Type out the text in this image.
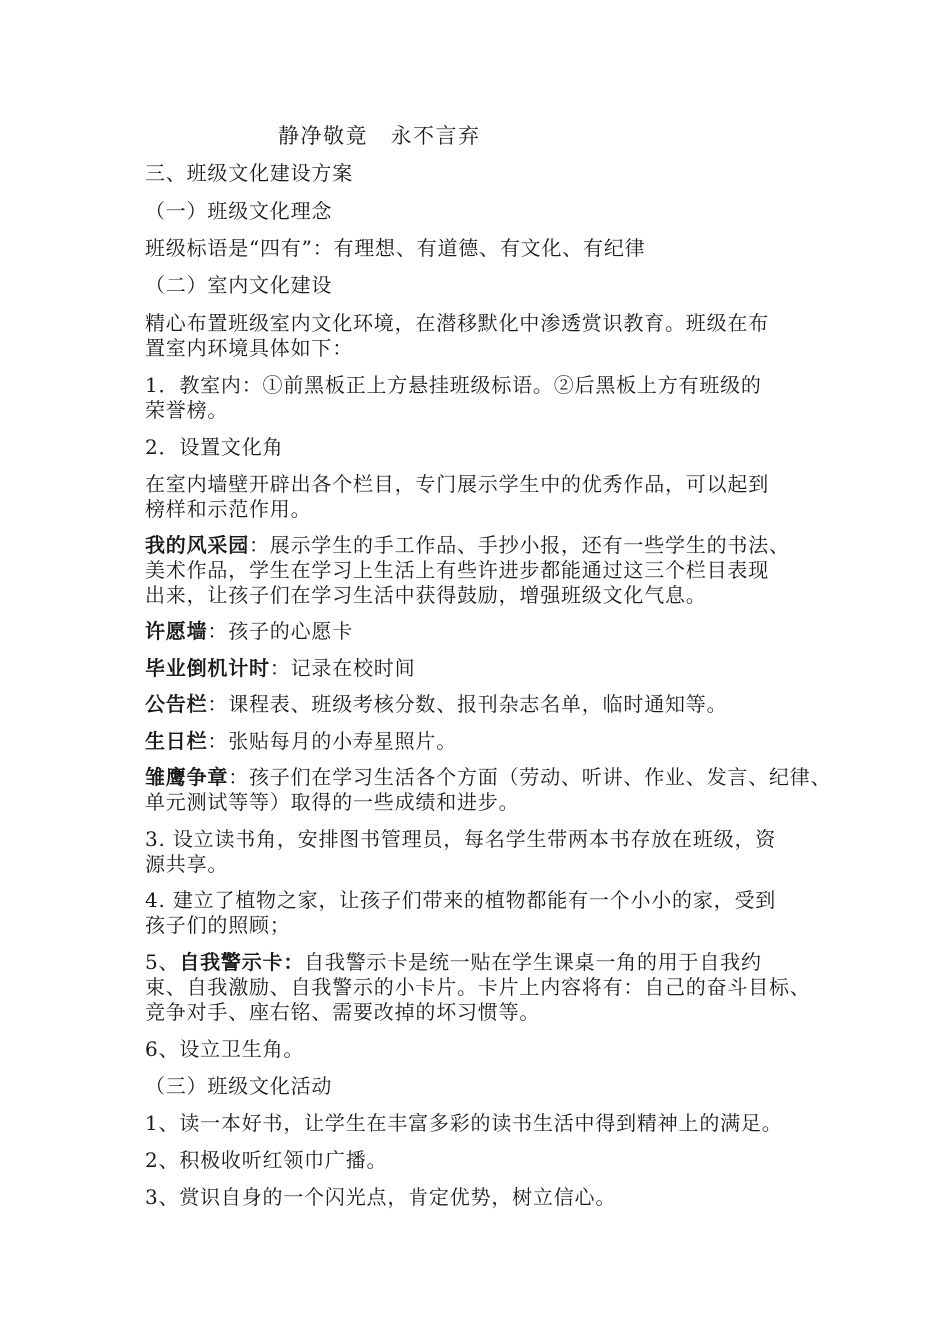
静净敬竟　永不言弃
三、班级文化建设方案
（一）班级文化理念
班级标语是“四有”：有理想、有道德、有文化、有纪律
（二）室内文化建设
精心布置班级室内文化环境，在潜移默化中渗透赏识教育。班级在布
置室内环境具体如下：
1．教室内：①前黑板正上方悬挂班级标语。②后黑板上方有班级的
荣誉榜。
2．设置文化角
在室内墙壁开辟出各个栏目，专门展示学生中的优秀作品，可以起到
榜样和示范作用。
我的风采园：展示学生的手工作品、手抄小报，还有一些学生的书法、
美术作品，学生在学习上生活上有些许进步都能通过这三个栏目表现
出来，让孩子们在学习生活中获得鼓励，增强班级文化气息。
许愿墙：孩子的心愿卡
毕业倒机计时：记录在校时间
公告栏：课程表、班级考核分数、报刊杂志名单，临时通知等。
生日栏：张贴每月的小寿星照片。
雏鹰争章：孩子们在学习生活各个方面（劳动、听讲、作业、发言、纪律、
单元测试等等）取得的一些成绩和进步。
3. 设立读书角，安排图书管理员，每名学生带两本书存放在班级，资
源共享。
4. 建立了植物之家，让孩子们带来的植物都能有一个小小的家，受到
孩子们的照顾；
5、自我警示卡：自我警示卡是统一贴在学生课桌一角的用于自我约
束、自我激励、自我警示的小卡片。卡片上内容将有：自己的奋斗目标、
竞争对手、座右铭、需要改掉的坏习惯等。
6、设立卫生角。
（三）班级文化活动
1、读一本好书，让学生在丰富多彩的读书生活中得到精神上的满足。
2、积极收听红领巾广播。
3、赏识自身的一个闪光点，肯定优势，树立信心。
